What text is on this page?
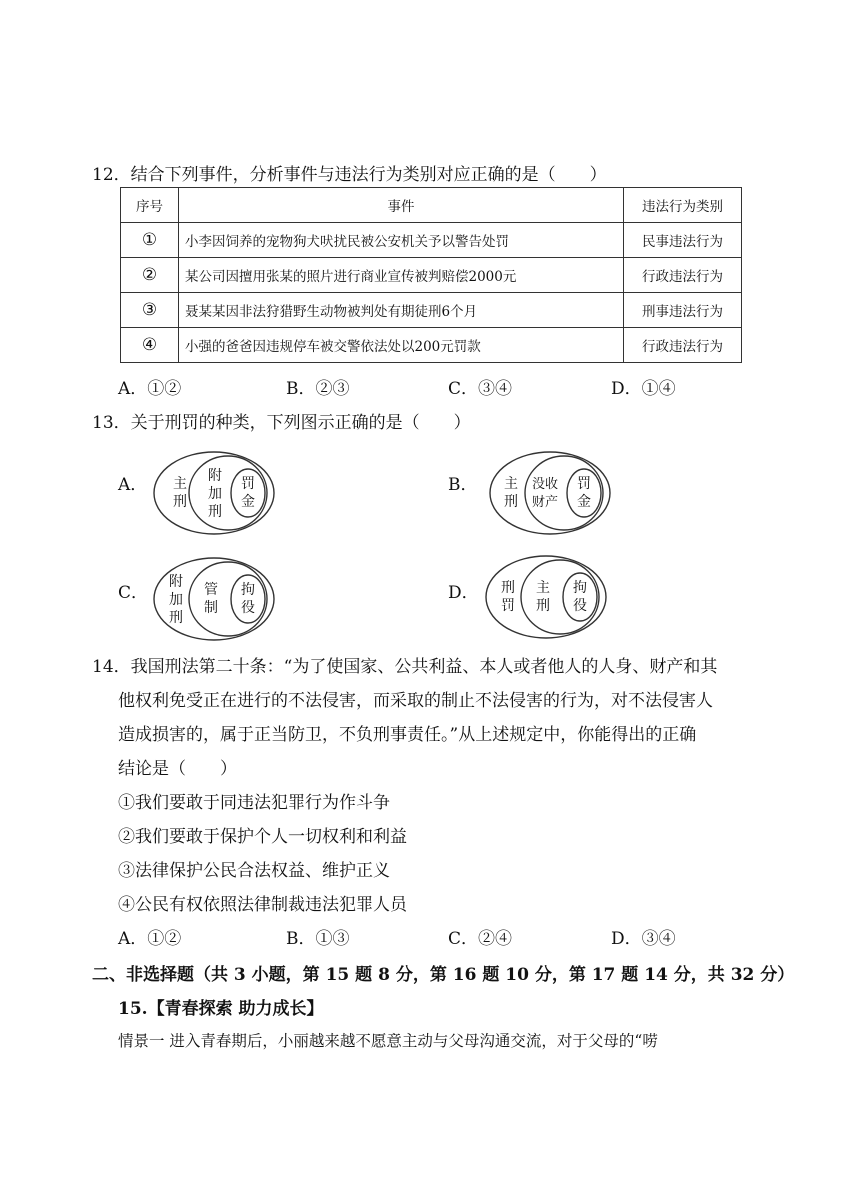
12．结合下列事件，分析事件与违法行为类别对应正确的是（　　）
序号	事件	违法行为类别
①	小李因饲养的宠物狗犬吠扰民被公安机关予以警告处罚	民事违法行为
②	某公司因擅用张某的照片进行商业宣传被判赔偿2000元	行政违法行为
③	聂某某因非法狩猎野生动物被判处有期徒刑6个月	刑事违法行为
④	小强的爸爸因违规停车被交警依法处以200元罚款	行政违法行为
A．①②	B．②③	C．③④	D．①④
13．关于刑罚的种类，下列图示正确的是（　　）
A． 主
刑
附
加
刑
罚
金
B． 主
刑
没收
财产
罚
金
C．
附
加
刑
管
制
拘
役
D． 刑
罚
主
刑
拘
役
14．我国刑法第二十条：“为了使国家、公共利益、本人或者他人的人身、财产和其
他权利免受正在进行的不法侵害，而采取的制止不法侵害的行为，对不法侵害人
造成损害的，属于正当防卫，不负刑事责任。”从上述规定中，你能得出的正确
结论是（　　）
①我们要敢于同违法犯罪行为作斗争
②我们要敢于保护个人一切权利和利益
③法律保护公民合法权益、维护正义
④公民有权依照法律制裁违法犯罪人员
A．①②	B．①③	C．②④	D．③④
二、非选择题（共 3 小题，第 15 题 8 分，第 16 题 10 分，第 17 题 14 分，共 32 分）
15.【青春探索 助力成长】
情景一 进入青春期后，小丽越来越不愿意主动与父母沟通交流，对于父母的“唠
